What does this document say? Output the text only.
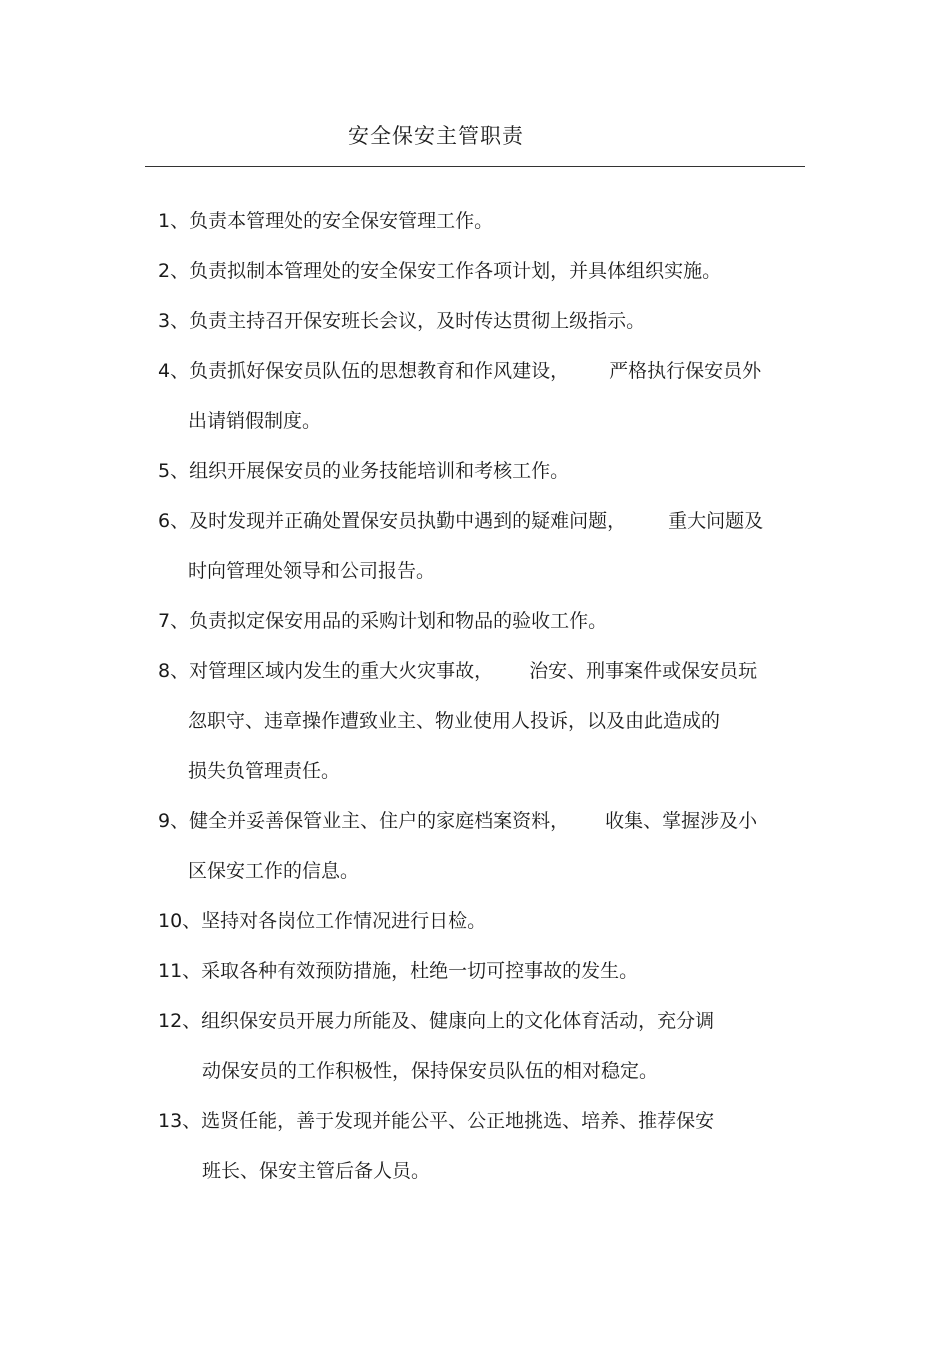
安全保安主管职责
1、负责本管理处的安全保安管理工作。
2、负责拟制本管理处的安全保安工作各项计划，并具体组织实施。
3、负责主持召开保安班长会议，及时传达贯彻上级指示。
4、负责抓好保安员队伍的思想教育和作风建设， 严格执行保安员外
出请销假制度。
5、组织开展保安员的业务技能培训和考核工作。
6、及时发现并正确处置保安员执勤中遇到的疑难问题， 重大问题及
时向管理处领导和公司报告。
7、负责拟定保安用品的采购计划和物品的验收工作。
8、对管理区域内发生的重大火灾事故， 治安、刑事案件或保安员玩
忽职守、违章操作遭致业主、物业使用人投诉，以及由此造成的
损失负管理责任。
9、健全并妥善保管业主、住户的家庭档案资料， 收集、掌握涉及小
区保安工作的信息。
10、坚持对各岗位工作情况进行日检。
11、采取各种有效预防措施，杜绝一切可控事故的发生。
12、组织保安员开展力所能及、健康向上的文化体育活动，充分调
动保安员的工作积极性，保持保安员队伍的相对稳定。
13、选贤任能，善于发现并能公平、公正地挑选、培养、推荐保安
班长、保安主管后备人员。
